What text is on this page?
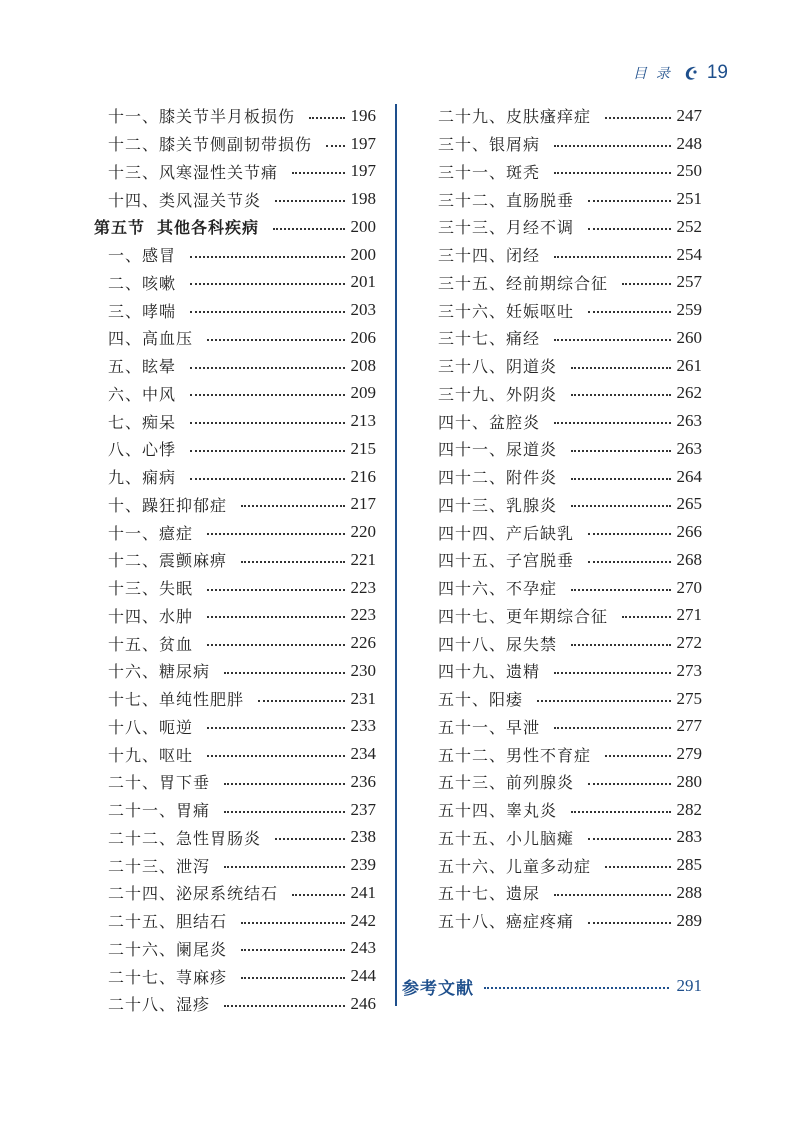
目录 19
十一、膝关节半月板损伤	196
十二、膝关节侧副韧带损伤 197
十三、风寒湿性关节痛	197
十四、类风湿关节炎	198
第五节 其他各科疾病	200
一、感冒	200
二、咳嗽	201
三、哮喘	203
四、高血压	206
五、眩晕	208
六、中风	209
七、痴呆	213
八、心悸	215
九、痫病	216
十、躁狂抑郁症	217
十一、癔症	220
十二、震颤麻痹	221
十三、失眠	223
十四、水肿	223
十五、贫血	226
十六、糖尿病	230
十七、单纯性肥胖	231
十八、呃逆	233
十九、呕吐	234
二十、胃下垂	236
二十一、胃痛	237
二十二、急性胃肠炎	238
二十三、泄泻	239
二十四、泌尿系统结石	241
二十五、胆结石	242
二十六、阑尾炎	243
二十七、荨麻疹	244
二十八、湿疹	246
二十九、皮肤瘙痒症	247
三十、银屑病	248
三十一、斑秃	250
三十二、直肠脱垂	251
三十三、月经不调	252
三十四、闭经	254
三十五、经前期综合征	257
三十六、妊娠呕吐	259
三十七、痛经	260
三十八、阴道炎	261
三十九、外阴炎	262
四十、盆腔炎	263
四十一、尿道炎	263
四十二、附件炎	264
四十三、乳腺炎	265
四十四、产后缺乳	266
四十五、子宫脱垂	268
四十六、不孕症	270
四十七、更年期综合征	271
四十八、尿失禁	272
四十九、遗精	273
五十、阳痿	275
五十一、早泄	277
五十二、男性不育症	279
五十三、前列腺炎	280
五十四、睾丸炎	282
五十五、小儿脑瘫	283
五十六、儿童多动症	285
五十七、遗尿	288
五十八、癌症疼痛	289
参考文献	291
